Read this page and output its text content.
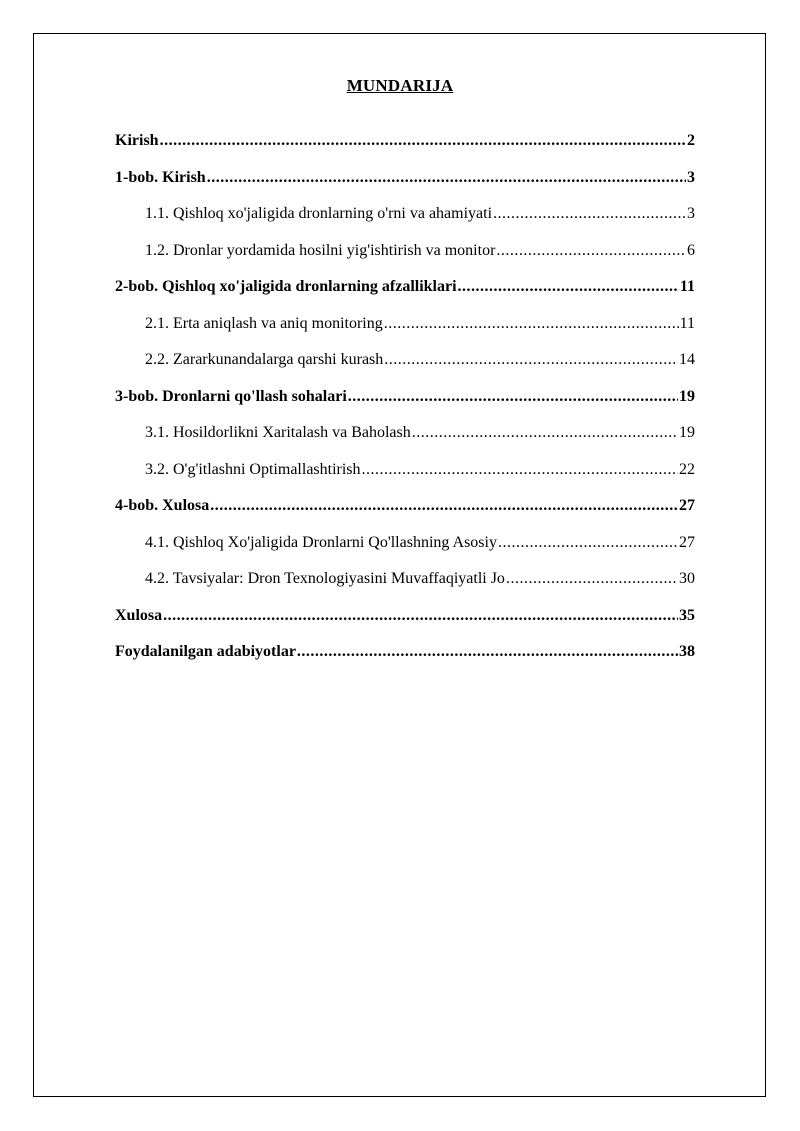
MUNDARIJA
Kirish .....	2
1-bob. Kirish .....	3
1.1. Qishloq xo'jaligida dronlarning o'rni va ahamiyati .....	3
1.2. Dronlar yordamida hosilni yig'ishtirish va monitor .....	6
2-bob. Qishloq xo'jaligida dronlarning afzalliklari .....	11
2.1. Erta aniqlash va aniq monitoring .....	11
2.2. Zararkunandalarga qarshi kurash .....	14
3-bob. Dronlarni qo'llash sohalari .....	19
3.1. Hosildorlikni Xaritalash va Baholash .....	19
3.2. O'g'itlashni Optimallashtirish .....	22
4-bob. Xulosa .....	27
4.1. Qishloq Xo'jaligida Dronlarni Qo'llashning Asosiy .....	27
4.2. Tavsiyalar: Dron Texnologiyasini Muvaffaqiyatli Jo .....	30
Xulosa .....	35
Foydalanilgan adabiyotlar .....	38
